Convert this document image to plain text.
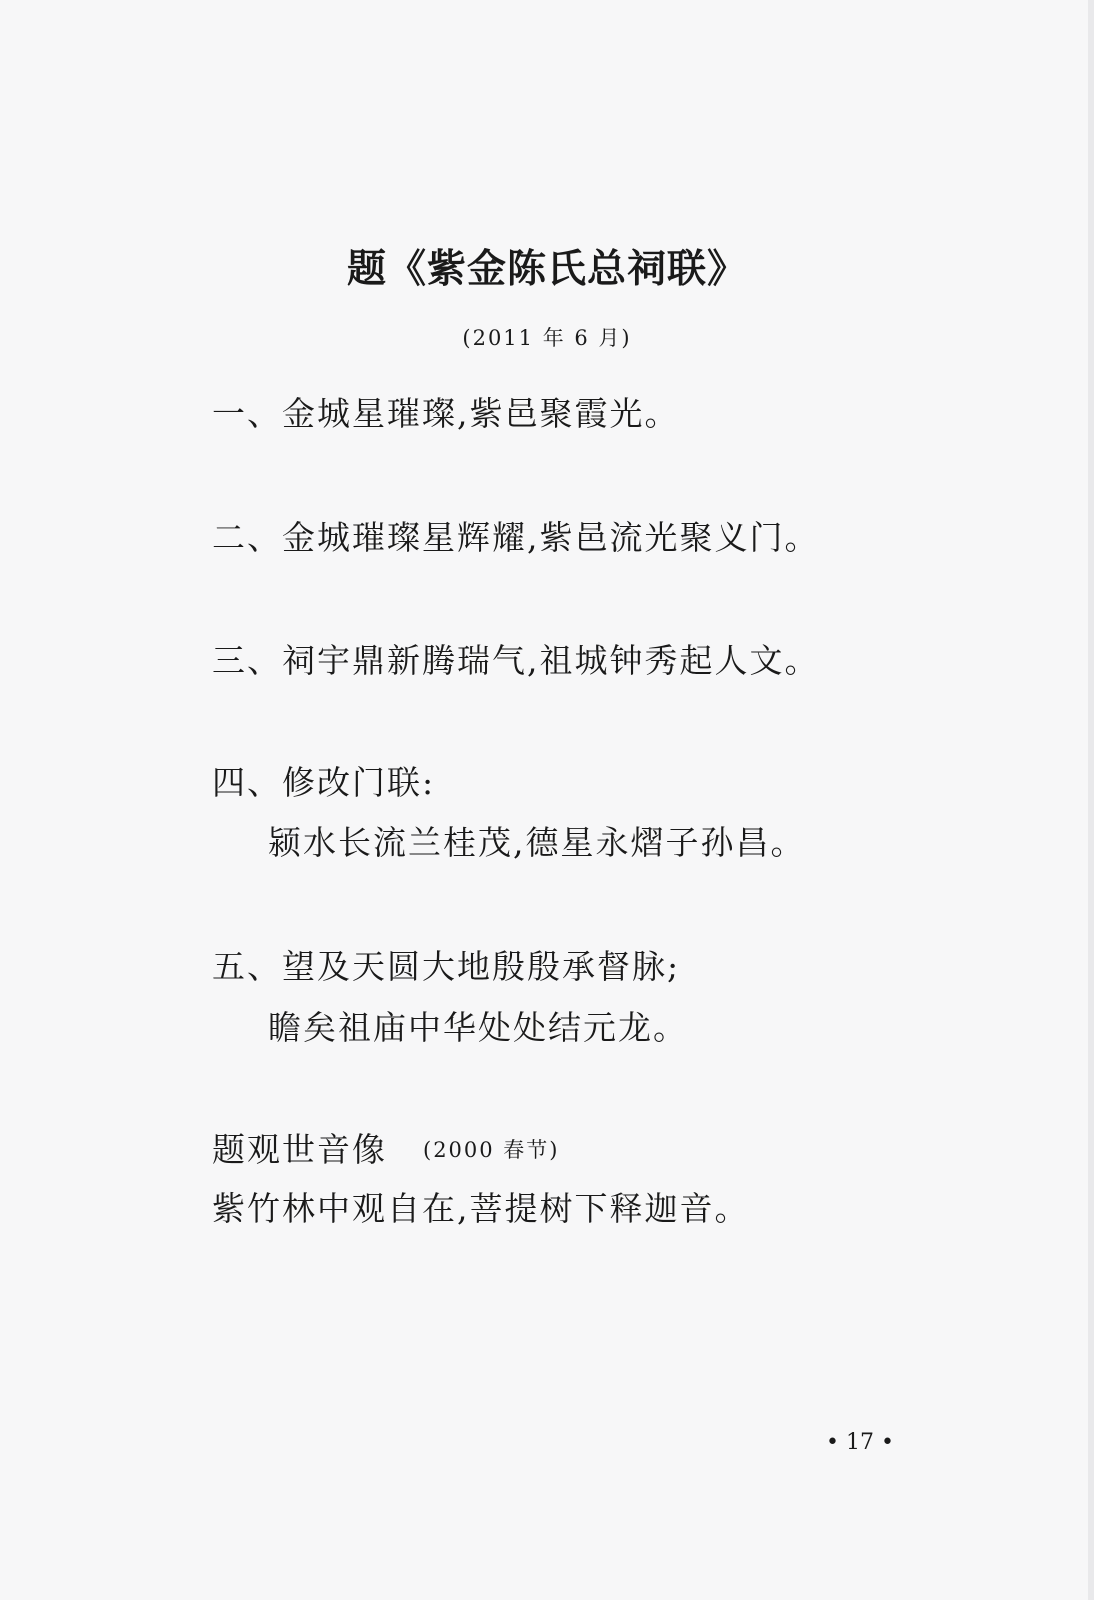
题《紫金陈氏总祠联》

(2011 年 6 月)

一、金城星璀璨,紫邑聚霞光。

二、金城璀璨星辉耀,紫邑流光聚义门。

三、祠宇鼎新腾瑞气,祖城钟秀起人文。

四、修改门联:

颍水长流兰桂茂,德星永熠子孙昌。

五、望及天圆大地殷殷承督脉;

瞻矣祖庙中华处处结元龙。

题观世音像 (2000 春节)

紫竹林中观自在,菩提树下释迦音。

• 17 •
